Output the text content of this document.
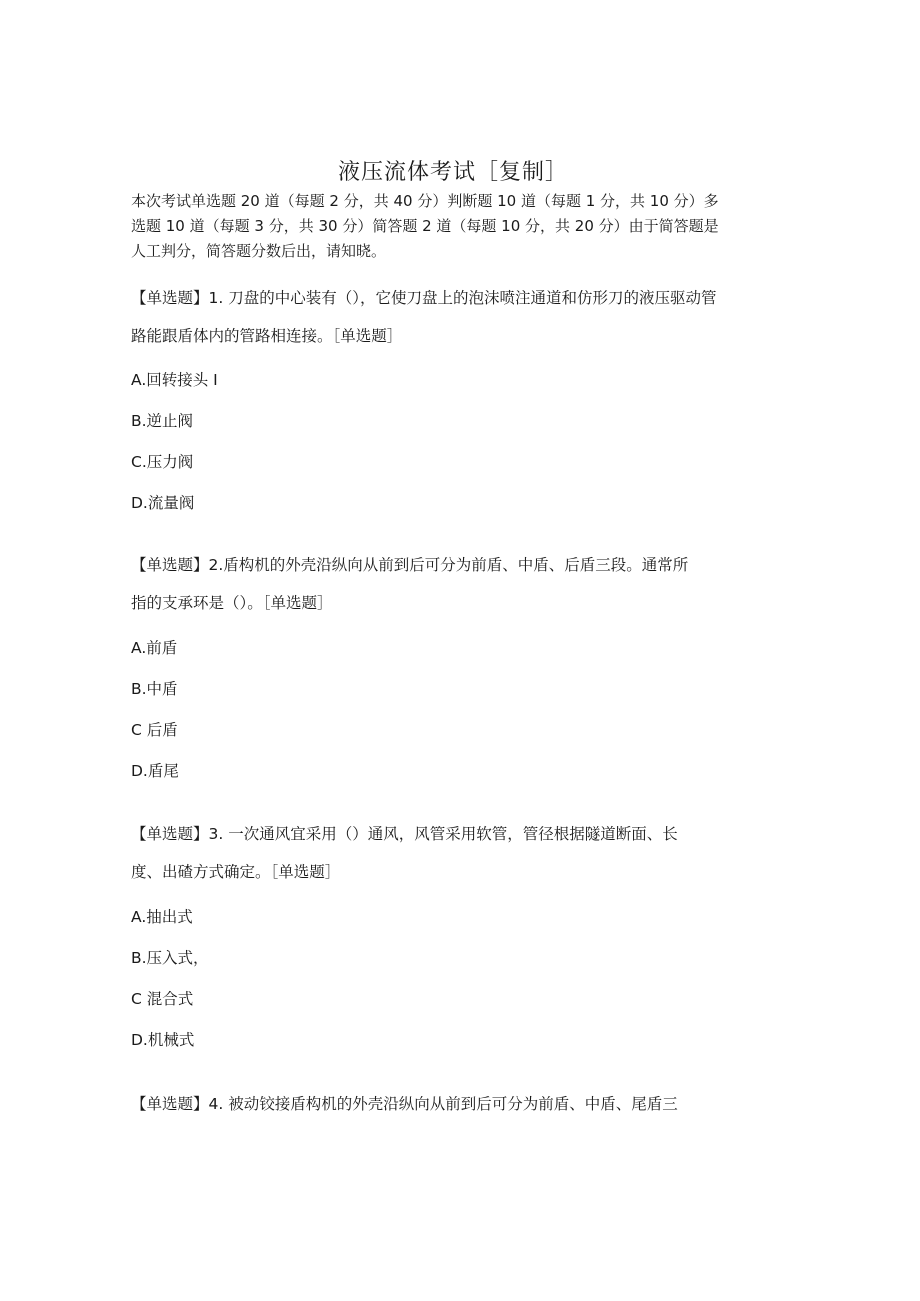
液压流体考试［复制］
本次考试单选题 20 道（每题 2 分，共 40 分）判断题 10 道（每题 1 分，共 10 分）多
选题 10 道（每题 3 分，共 30 分）简答题 2 道（每题 10 分，共 20 分）由于简答题是
人工判分，简答题分数后出，请知晓。
【单选题】1. 刀盘的中心装有（），它使刀盘上的泡沫喷注通道和仿形刀的液压驱动管
路能跟盾体内的管路相连接。［单选题］
A.回转接头 I
B.逆止阀
C.压力阀
D.流量阀
【单选题】2.盾构机的外壳沿纵向从前到后可分为前盾、中盾、后盾三段。通常所
指的支承环是（）。［单选题］
A.前盾
B.中盾
C 后盾
D.盾尾
【单选题】3. 一次通风宜采用（）通风，风管采用软管，管径根据隧道断面、长
度、出碴方式确定。［单选题］
A.抽出式
B.压入式，
C 混合式
D.机械式
【单选题】4. 被动铰接盾构机的外壳沿纵向从前到后可分为前盾、中盾、尾盾三
